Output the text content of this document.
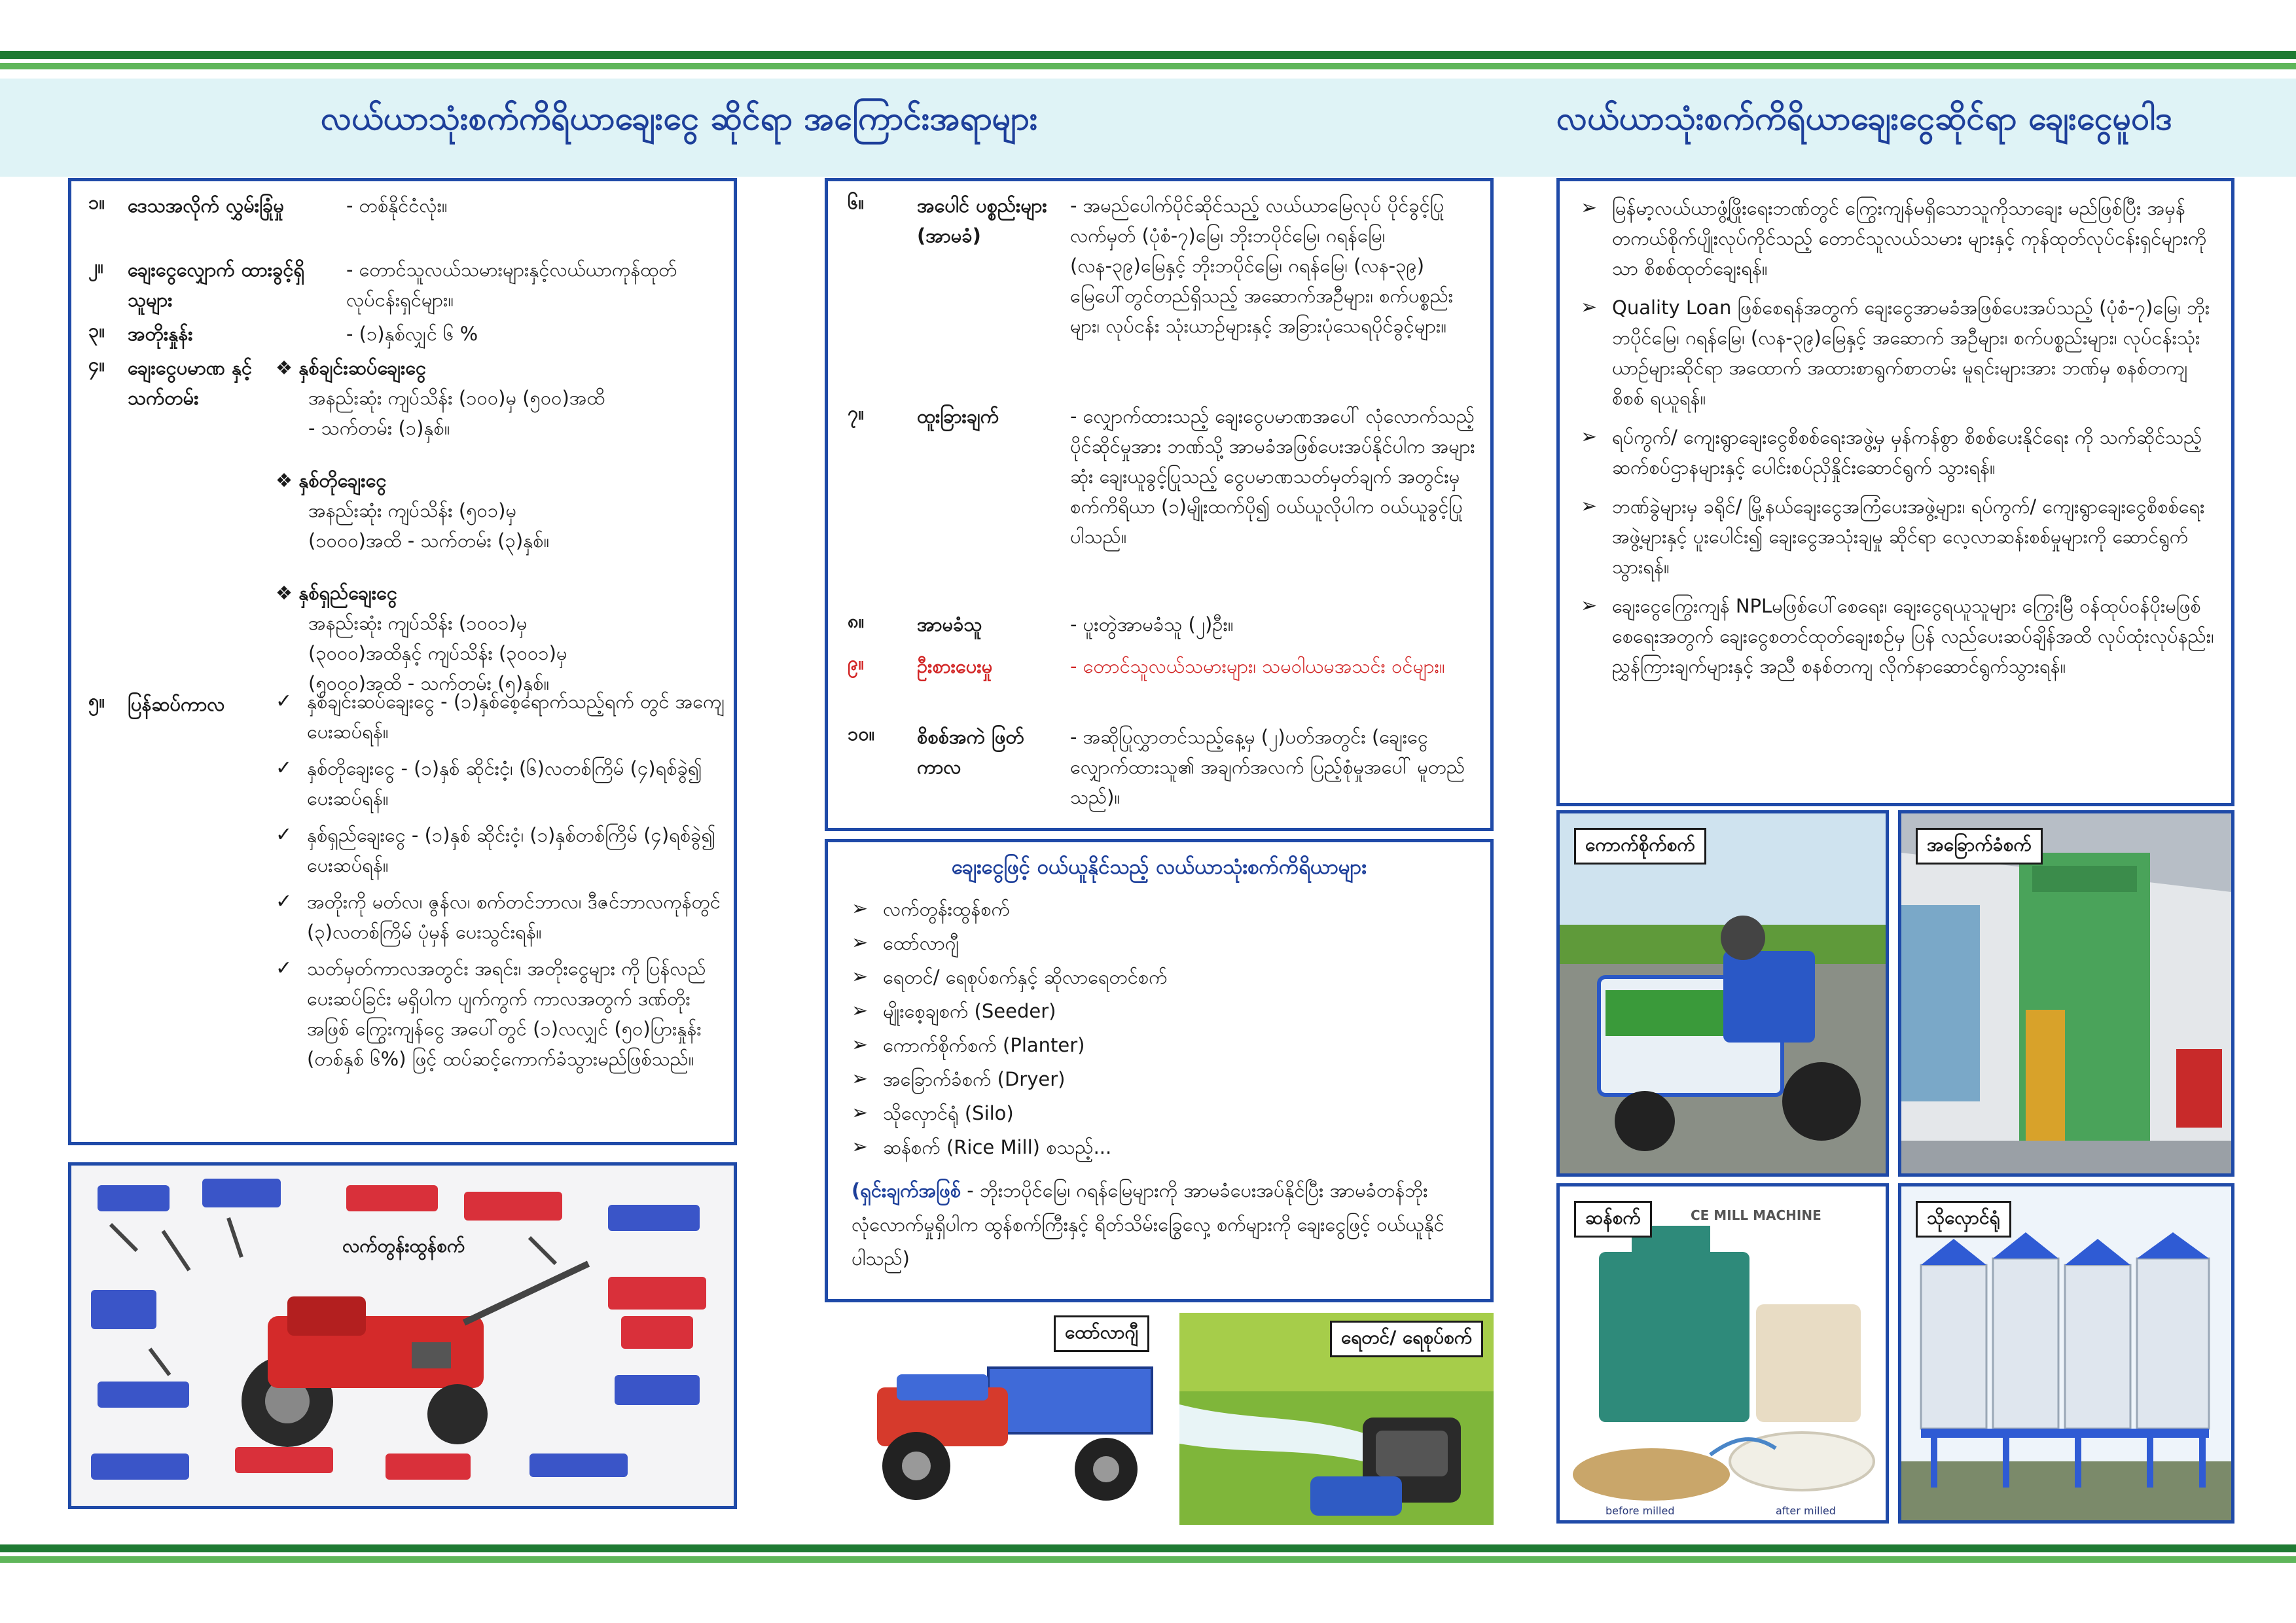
လယ်ယာသုံးစက်ကိရိယာချေးငွေ ဆိုင်ရာ အကြောင်းအရာများ	လယ်ယာသုံးစက်ကိရိယာချေးငွေဆိုင်ရာ ချေးငွေမူဝါဒ
၁။ ဒေသအလိုက် လွှမ်းခြုံမှု	- တစ်နိုင်ငံလုံး။
၂။ ချေးငွေလျှောက် ထားခွင့်ရှိသူများ
- တောင်သူလယ်သမားများနှင့်လယ်ယာကုန်ထုတ် လုပ်ငန်းရှင်များ။
၃။ အတိုးနှုန်း	- (၁)နှစ်လျှင် ၆ %
၄။ ချေးငွေပမာဏ နှင့် သက်တမ်း
❖ နှစ်ချင်းဆပ်ချေးငွေ
အနည်းဆုံး ကျပ်သိန်း (၁၀၀)မှ (၅၀၀)အထိ
- သက်တမ်း (၁)နှစ်။
❖ နှစ်တိုချေးငွေ
အနည်းဆုံး ကျပ်သိန်း (၅၀၁)မှ
(၁၀၀၀)အထိ - သက်တမ်း (၃)နှစ်။
❖ နှစ်ရှည်ချေးငွေ
အနည်းဆုံး ကျပ်သိန်း (၁၀၀၁)မှ
(၃၀၀၀)အထိနှင့် ကျပ်သိန်း (၃၀၀၁)မှ
(၅၀၀၀)အထိ - သက်တမ်း (၅)နှစ်။
၅။ ပြန်ဆပ်ကာလ	✓ နှစ်ချင်းဆပ်ချေးငွေ - (၁)နှစ်စေ့ရောက်သည့်ရက် တွင် အကျေပေးဆပ်ရန်။
✓ နှစ်တိုချေးငွေ - (၁)နှစ် ဆိုင်းငံ့၊ (၆)လတစ်ကြိမ် (၄)ရစ်ခွဲ၍ ပေးဆပ်ရန်။
✓ နှစ်ရှည်ချေးငွေ - (၁)နှစ် ဆိုင်းငံ့၊ (၁)နှစ်တစ်ကြိမ် (၄)ရစ်ခွဲ၍ ပေးဆပ်ရန်။
✓ အတိုးကို မတ်လ၊ ဇွန်လ၊ စက်တင်ဘာလ၊ ဒီဇင်ဘာလကုန်တွင် (၃)လတစ်ကြိမ် ပုံမှန် ပေးသွင်းရန်။
✓ သတ်မှတ်ကာလအတွင်း အရင်း၊ အတိုးငွေများ ကို ပြန်လည်ပေးဆပ်ခြင်း မရှိပါက ပျက်ကွက် ကာလအတွက် ဒဏ်တိုးအဖြစ် ကြွေးကျန်ငွေ အပေါ်တွင် (၁)လလျှင် (၅၀)ပြားနှုန်း (တစ်နှစ် ၆%) ဖြင့် ထပ်ဆင့်ကောက်ခံသွားမည်ဖြစ်သည်။
၆။	အပေါင် ပစ္စည်းများ (အာမခံ)
- အမည်ပေါက်ပိုင်ဆိုင်သည့် လယ်ယာမြေလုပ် ပိုင်ခွင့်ပြုလက်မှတ် (ပုံစံ-၇)မြေ၊ ဘိုးဘပိုင်မြေ၊ ဂရန်မြေ၊ (လန-၃၉)မြေနှင့် ဘိုးဘပိုင်မြေ၊ ဂရန်မြေ၊ (လန-၃၉) မြေပေါ်တွင်တည်ရှိသည့် အဆောက်အဦများ၊ စက်ပစ္စည်းများ၊ လုပ်ငန်း သုံးယာဉ်များနှင့် အခြားပုံသေရပိုင်ခွင့်များ။
၇။	ထူးခြားချက်	- လျှောက်ထားသည့် ချေးငွေပမာဏအပေါ် လုံလောက်သည့်ပိုင်ဆိုင်မှုအား ဘဏ်သို့ အာမခံအဖြစ်ပေးအပ်နိုင်ပါက အများဆုံး ချေးယူခွင့်ပြုသည့် ငွေပမာဏသတ်မှတ်ချက် အတွင်းမှ စက်ကိရိယာ (၁)မျိုးထက်ပို၍ ဝယ်ယူလိုပါက ဝယ်ယူခွင့်ပြုပါသည်။
၈။	အာမခံသူ	- ပူးတွဲအာမခံသူ (၂)ဦး။
၉။	ဦးစားပေးမှု	- တောင်သူလယ်သမားများ၊ သမဝါယမအသင်း ဝင်များ။
၁၀။ စိစစ်အကဲ ဖြတ်ကာလ
- အဆိုပြုလွှာတင်သည့်နေ့မှ (၂)ပတ်အတွင်း (ချေးငွေလျှောက်ထားသူ၏ အချက်အလက် ပြည့်စုံမှုအပေါ် မူတည်သည်)။
ချေးငွေဖြင့် ဝယ်ယူနိုင်သည့် လယ်ယာသုံးစက်ကိရိယာများ
➢ လက်တွန်းထွန်စက်
➢ ထော်လာဂျီ
➢ ရေတင်/ ရေစုပ်စက်နှင့် ဆိုလာရေတင်စက်
➢ မျိုးစေ့ချစက် (Seeder)
➢ ကောက်စိုက်စက် (Planter)
➢ အခြောက်ခံစက် (Dryer)
➢ သိုလှောင်ရုံ (Silo)
➢ ဆန်စက် (Rice Mill) စသည့်...
(ရှင်းချက်အဖြစ် - ဘိုးဘပိုင်မြေ၊ ဂရန်မြေများကို အာမခံပေးအပ်နိုင်ပြီး အာမခံတန်ဘိုးလုံလောက်မှုရှိပါက ထွန်စက်ကြီးနှင့် ရိတ်သိမ်းခြွေလှေ့ စက်များကို ချေးငွေဖြင့် ဝယ်ယူနိုင်ပါသည်)
➢ မြန်မာ့လယ်ယာဖွံ့ဖြိုးရေးဘဏ်တွင် ကြွေးကျန်မရှိသောသူကိုသာချေး မည်ဖြစ်ပြီး အမှန်တကယ်စိုက်ပျိုးလုပ်ကိုင်သည့် တောင်သူလယ်သမား များနှင့် ကုန်ထုတ်လုပ်ငန်းရှင်များကိုသာ စိစစ်ထုတ်ချေးရန်။
➢ Quality Loan ဖြစ်စေရန်အတွက် ချေးငွေအာမခံအဖြစ်ပေးအပ်သည့် (ပုံစံ-၇)မြေ၊ ဘိုးဘပိုင်မြေ၊ ဂရန်မြေ၊ (လန-၃၉)မြေနှင့် အဆောက် အဦများ၊ စက်ပစ္စည်းများ၊ လုပ်ငန်းသုံးယာဉ်များဆိုင်ရာ အထောက် အထားစာရွက်စာတမ်း မူရင်းများအား ဘဏ်မှ စနစ်တကျ စိစစ် ရယူရန်။
➢ ရပ်ကွက်/ ကျေးရွာချေးငွေစိစစ်ရေးအဖွဲ့မှ မှန်ကန်စွာ စိစစ်ပေးနိုင်ရေး ကို သက်ဆိုင်သည့်ဆက်စပ်ဌာနများနှင့် ပေါင်းစပ်ညှိနှိုင်းဆောင်ရွက် သွားရန်။
➢ ဘဏ်ခွဲများမှ ခရိုင်/ မြို့နယ်ချေးငွေအကြံပေးအဖွဲ့များ၊ ရပ်ကွက်/ ကျေးရွာချေးငွေစိစစ်ရေးအဖွဲ့များနှင့် ပူးပေါင်း၍ ချေးငွေအသုံးချမှု ဆိုင်ရာ လေ့လာဆန်းစစ်မှုများကို ဆောင်ရွက်သွားရန်။
➢ ချေးငွေကြွေးကျန် NPLမဖြစ်ပေါ်စေရေး၊ ချေးငွေရယူသူများ ကြွေးမြီ ဝန်ထုပ်ဝန်ပိုးမဖြစ်စေရေးအတွက် ချေးငွေစတင်ထုတ်ချေးစဉ်မှ ပြန် လည်ပေးဆပ်ချိန်အထိ လုပ်ထုံးလုပ်နည်း၊ ညွှန်ကြားချက်များနှင့် အညီ စနစ်တကျ လိုက်နာဆောင်ရွက်သွားရန်။
လက်တွန်းထွန်စက်
ထော်လာဂျီ	ရေတင်/ ရေစုပ်စက်
ကောက်စိုက်စက်	အခြောက်ခံစက်
ဆန်စက်	CE MILL MACHINE
before milled	after milled
သိုလှောင်ရုံ
